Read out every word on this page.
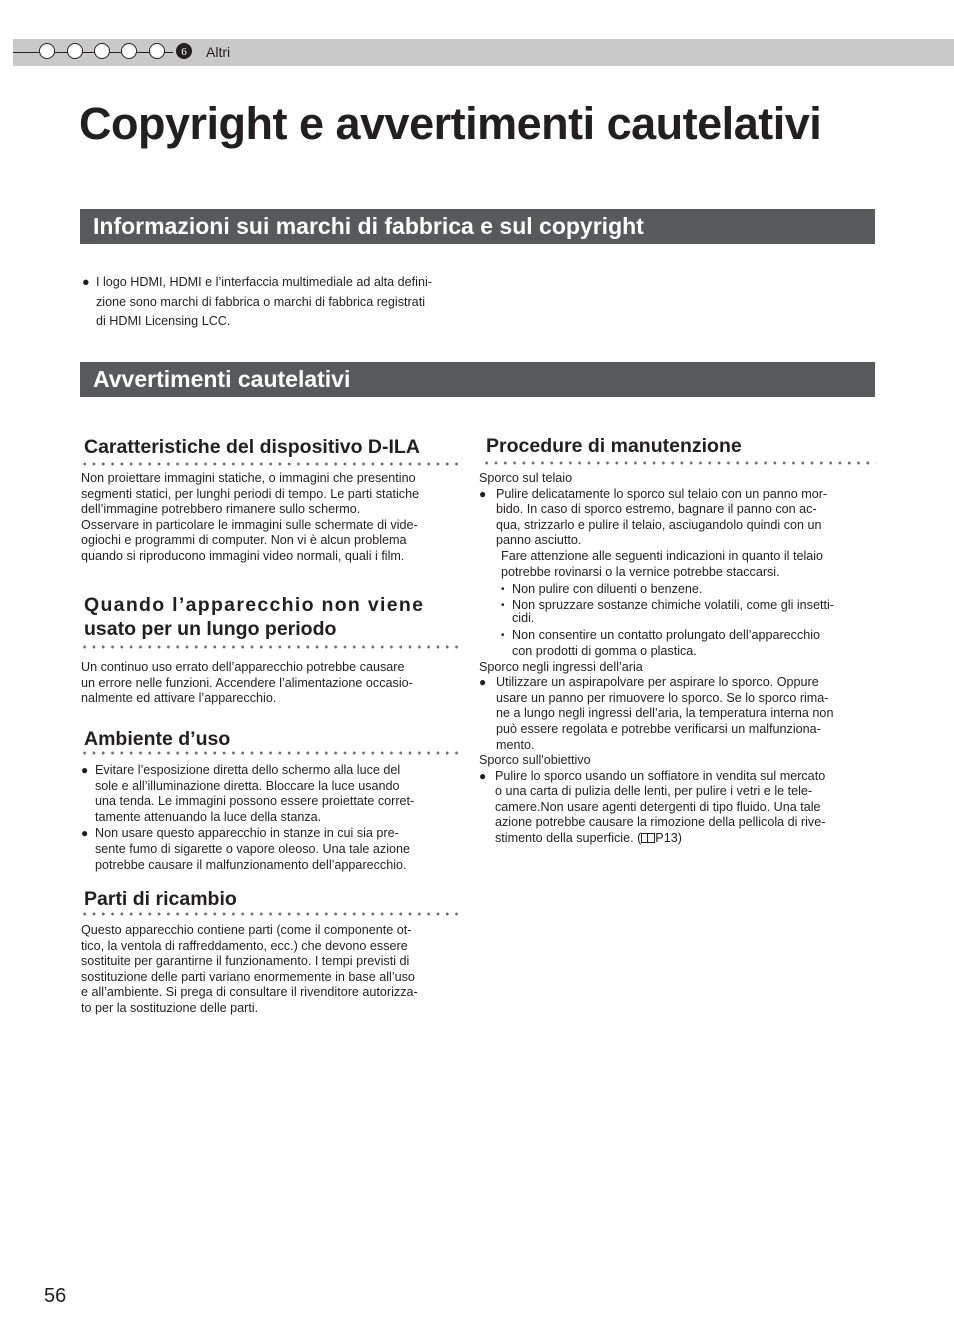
6	Altri
Copyright e avvertimenti cautelativi
Informazioni sui marchi di fabbrica e sul copyright
● I logo HDMI, HDMI e l’interfaccia multimediale ad alta defini-
zione sono marchi di fabbrica o marchi di fabbrica registrati
di HDMI Licensing LCC.
Avvertimenti cautelativi
Caratteristiche del dispositivo D-ILA
Non proiettare immagini statiche, o immagini che presentino
segmenti statici, per lunghi periodi di tempo. Le parti statiche
dell’immagine potrebbero rimanere sullo schermo.
Osservare in particolare le immagini sulle schermate di vide-
ogiochi e programmi di computer. Non vi è alcun problema
quando si riproducono immagini video normali, quali i film.
Quando l’apparecchio non viene
usato per un lungo periodo
Un continuo uso errato dell’apparecchio potrebbe causare
un errore nelle funzioni. Accendere l’alimentazione occasio-
nalmente ed attivare l’apparecchio.
Ambiente d’uso
● Evitare l’esposizione diretta dello schermo alla luce del
sole e all’illuminazione diretta. Bloccare la luce usando
una tenda. Le immagini possono essere proiettate corret-
tamente attenuando la luce della stanza.
● Non usare questo apparecchio in stanze in cui sia pre-
sente fumo di sigarette o vapore oleoso. Una tale azione
potrebbe causare il malfunzionamento dell’apparecchio.
Parti di ricambio
Questo apparecchio contiene parti (come il componente ot-
tico, la ventola di raffreddamento, ecc.) che devono essere
sostituite per garantirne il funzionamento. I tempi previsti di
sostituzione delle parti variano enormemente in base all’uso
e all’ambiente. Si prega di consultare il rivenditore autorizza-
to per la sostituzione delle parti.
Procedure di manutenzione
Sporco sul telaio
● Pulire delicatamente lo sporco sul telaio con un panno mor-
bido. In caso di sporco estremo, bagnare il panno con ac-
qua, strizzarlo e pulire il telaio, asciugandolo quindi con un
panno asciutto.
Fare attenzione alle seguenti indicazioni in quanto il telaio
potrebbe rovinarsi o la vernice potrebbe staccarsi.
• Non pulire con diluenti o benzene.
• Non spruzzare sostanze chimiche volatili, come gli insetti-
cidi.
• Non consentire un contatto prolungato dell’apparecchio
con prodotti di gomma o plastica.
Sporco negli ingressi dell’aria
● Utilizzare un aspirapolvare per aspirare lo sporco. Oppure
usare un panno per rimuovere lo sporco. Se lo sporco rima-
ne a lungo negli ingressi dell’aria, la temperatura interna non
può essere regolata e potrebbe verificarsi un malfunziona-
mento.
Sporco sull'obiettivo
● Pulire lo sporco usando un soffiatore in vendita sul mercato
o una carta di pulizia delle lenti, per pulire i vetri e le tele-
camere.Non usare agenti detergenti di tipo fluido. Una tale
azione potrebbe causare la rimozione della pellicola di rive-
stimento della superficie. ( P13)
56
